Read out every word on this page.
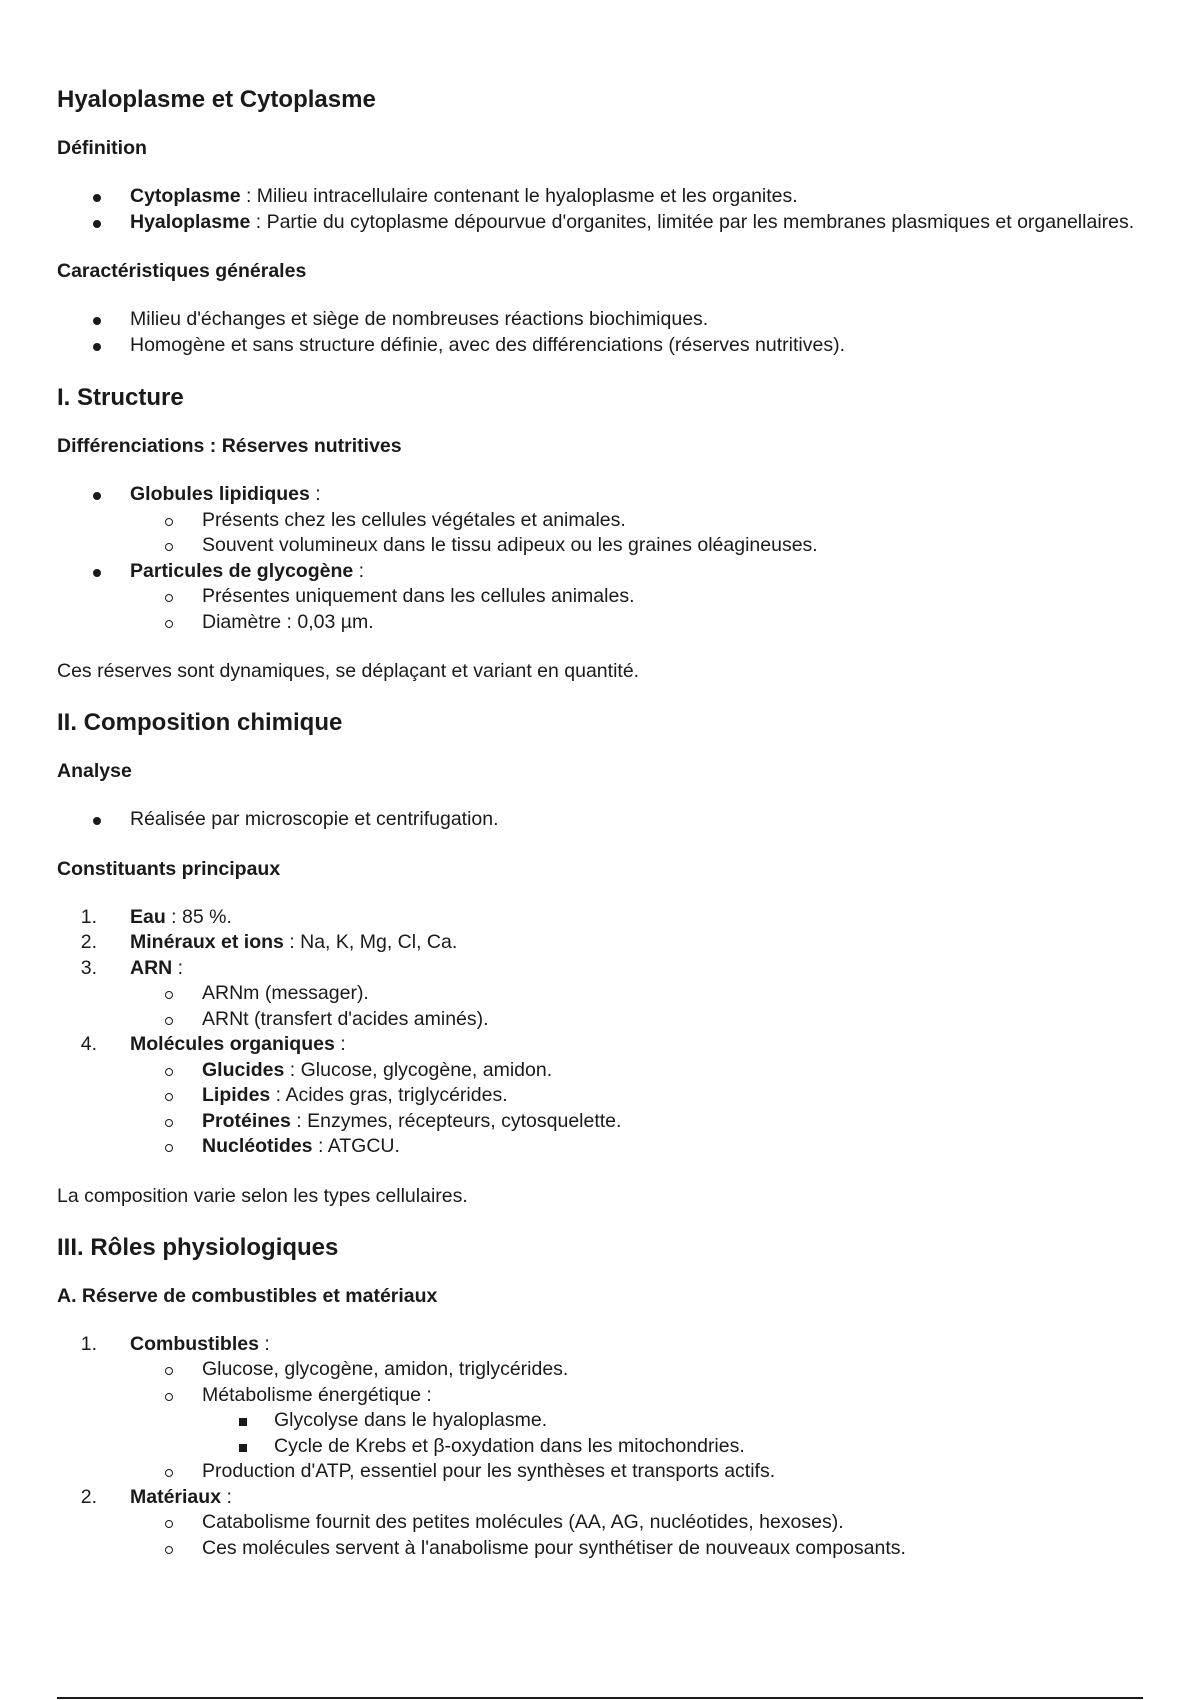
Hyaloplasme et Cytoplasme
Définition
Cytoplasme : Milieu intracellulaire contenant le hyaloplasme et les organites.
Hyaloplasme : Partie du cytoplasme dépourvue d'organites, limitée par les membranes plasmiques et organellaires.
Caractéristiques générales
Milieu d'échanges et siège de nombreuses réactions biochimiques.
Homogène et sans structure définie, avec des différenciations (réserves nutritives).
I. Structure
Différenciations : Réserves nutritives
Globules lipidiques :
Présents chez les cellules végétales et animales.
Souvent volumineux dans le tissu adipeux ou les graines oléagineuses.
Particules de glycogène :
Présentes uniquement dans les cellules animales.
Diamètre : 0,03 µm.

Ces réserves sont dynamiques, se déplaçant et variant en quantité.

II. Composition chimique
Analyse
Réalisée par microscopie et centrifugation.
Constituants principaux
1. Eau : 85 %.
2. Minéraux et ions : Na, K, Mg, Cl, Ca.
3. ARN :
ARNm (messager).
ARNt (transfert d'acides aminés).
4. Molécules organiques :
Glucides : Glucose, glycogène, amidon.
Lipides : Acides gras, triglycérides.
Protéines : Enzymes, récepteurs, cytosquelette.
Nucléotides : ATGCU.

La composition varie selon les types cellulaires.

III. Rôles physiologiques
A. Réserve de combustibles et matériaux
1. Combustibles :
Glucose, glycogène, amidon, triglycérides.
Métabolisme énergétique :
Glycolyse dans le hyaloplasme.
Cycle de Krebs et β-oxydation dans les mitochondries.
Production d'ATP, essentiel pour les synthèses et transports actifs.
2. Matériaux :
Catabolisme fournit des petites molécules (AA, AG, nucléotides, hexoses).
Ces molécules servent à l'anabolisme pour synthétiser de nouveaux composants.
